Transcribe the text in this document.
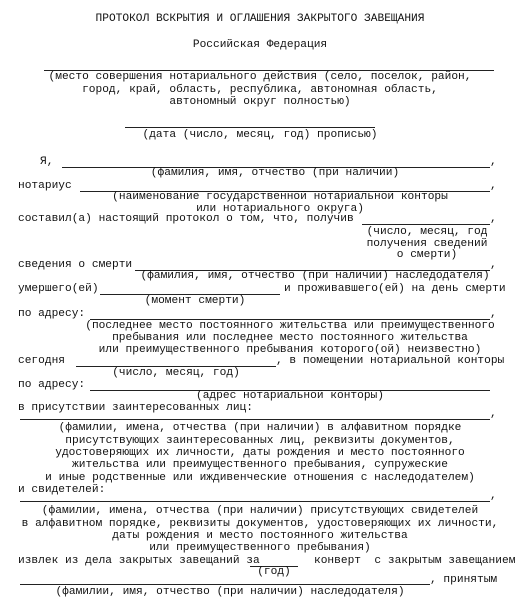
ПРОТОКОЛ ВСКРЫТИЯ И ОГЛАШЕНИЯ ЗАКРЫТОГО ЗАВЕЩАНИЯ
Российская Федерация
(место совершения нотариального действия (село, поселок, район,
город, край, область, республика, автономная область,
автономный округ полностью)
(дата (число, месяц, год) прописью)
Я,	,
(фамилия, имя, отчество (при наличии)
нотариус	,
(наименование государственной нотариальной конторы
или нотариального округа)
составил(а) настоящий протокол о том, что, получив	,
(число, месяц, год
получения сведений
о смерти)
сведения о смерти	,
(фамилия, имя, отчество (при наличии) наследодателя)
умершего(ей)	и проживавшего(ей) на день смерти
(момент смерти)
по адресу:	,
(последнее место постоянного жительства или преимущественного
пребывания или последнее место постоянного жительства
или преимущественного пребывания которого(ой) неизвестно)
сегодня	, в помещении нотариальной конторы
(число, месяц, год)
по адресу:
(адрес нотариальной конторы)
в присутствии заинтересованных лиц:	,
(фамилии, имена, отчества (при наличии) в алфавитном порядке
присутствующих заинтересованных лиц, реквизиты документов,
удостоверяющих их личности, даты рождения и место постоянного
жительства или преимущественного пребывания, супружеские
и иные родственные или иждивенческие отношения с наследодателем)
и свидетелей:	,
(фамилии, имена, отчества (при наличии) присутствующих свидетелей
в алфавитном порядке, реквизиты документов, удостоверяющих их личности,
даты рождения и место постоянного жительства
или преимущественного пребывания)
извлек из дела закрытых завещаний за	конверт  с закрытым завещанием
(год)
, принятым
(фамилии, имя, отчество (при наличии) наследодателя)
